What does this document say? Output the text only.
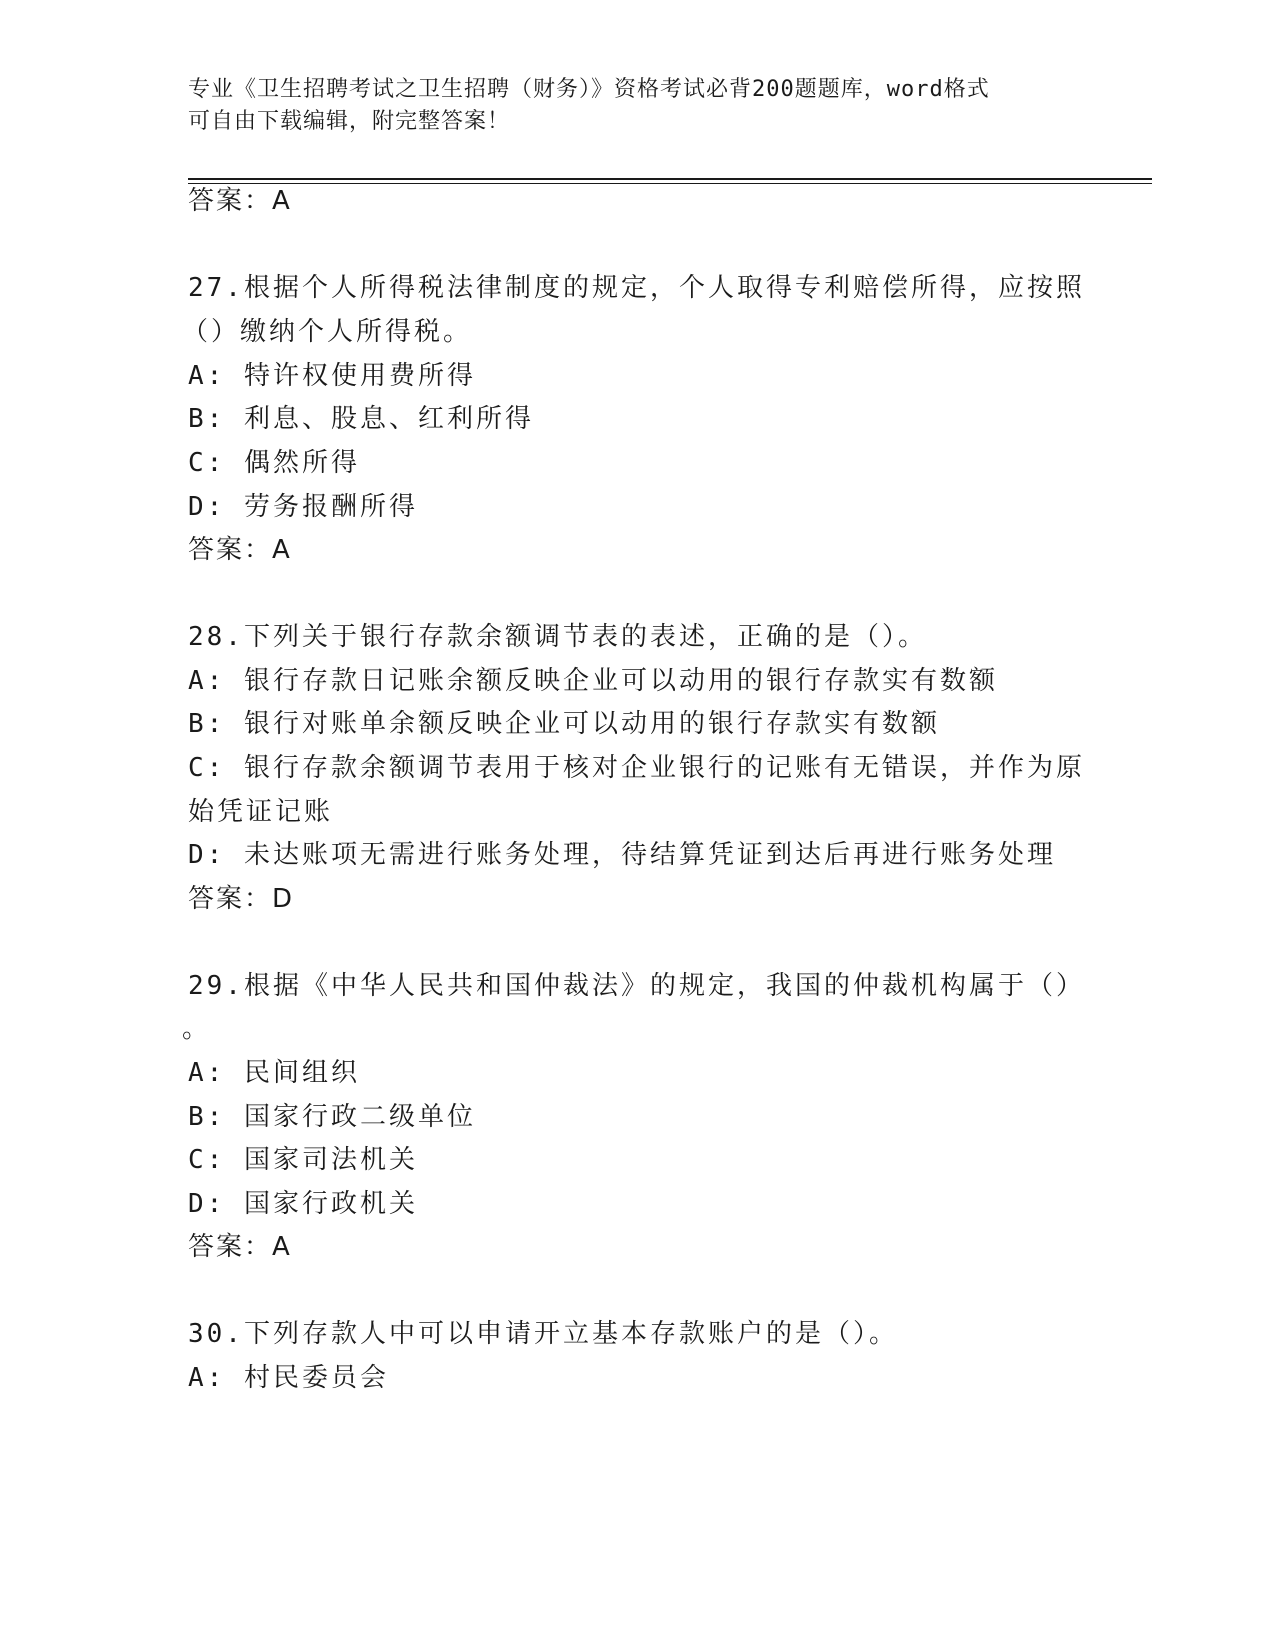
专业《卫生招聘考试之卫生招聘（财务）》资格考试必背200题题库，word格式
可自由下载编辑，附完整答案！
答案：A
27.根据个人所得税法律制度的规定，个人取得专利赔偿所得，应按照
（）缴纳个人所得税。
A: 特许权使用费所得
B: 利息、股息、红利所得
C: 偶然所得
D: 劳务报酬所得
答案：A
28.下列关于银行存款余额调节表的表述，正确的是（）。
A: 银行存款日记账余额反映企业可以动用的银行存款实有数额
B: 银行对账单余额反映企业可以动用的银行存款实有数额
C: 银行存款余额调节表用于核对企业银行的记账有无错误，并作为原
始凭证记账
D: 未达账项无需进行账务处理，待结算凭证到达后再进行账务处理
答案：D
29.根据《中华人民共和国仲裁法》的规定，我国的仲裁机构属于（）
。
A: 民间组织
B: 国家行政二级单位
C: 国家司法机关
D: 国家行政机关
答案：A
30.下列存款人中可以申请开立基本存款账户的是（）。
A: 村民委员会
